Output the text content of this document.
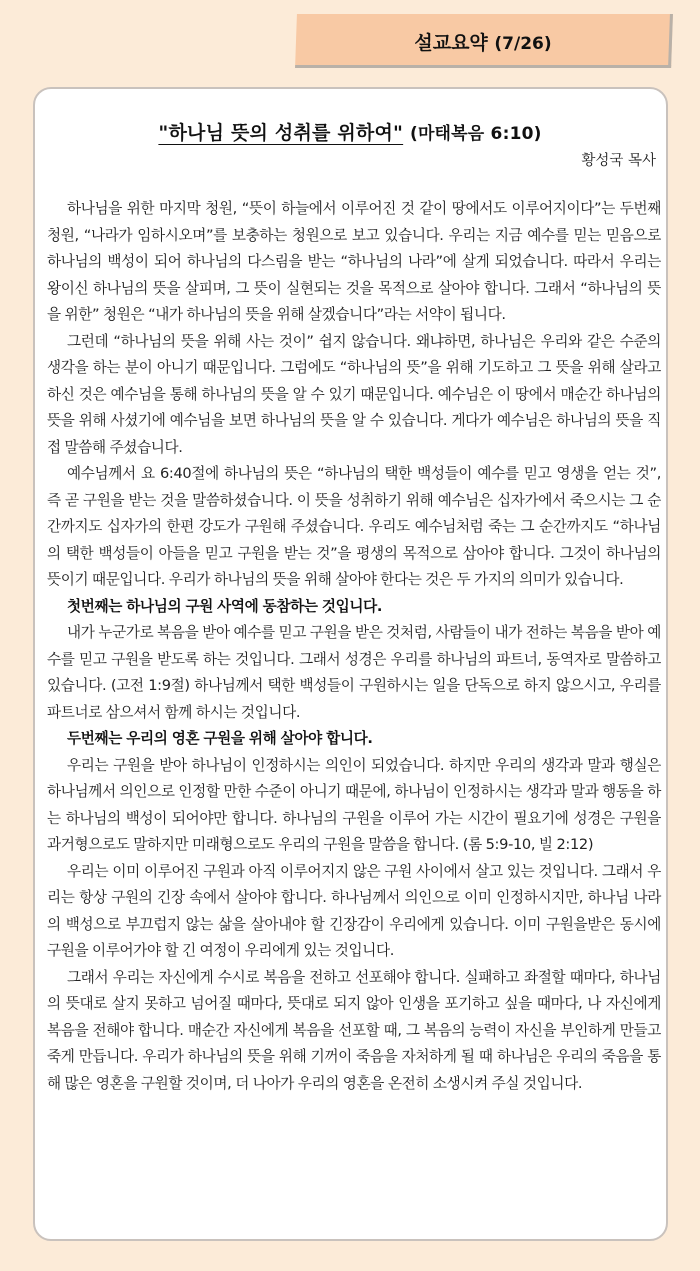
설교요약 (7/26)
"하나님 뜻의 성취를 위하여" (마태복음 6:10)
황성국 목사

하나님을 위한 마지막 청원, “뜻이 하늘에서 이루어진 것 같이 땅에서도 이루어지이다”는 두번째 청원, “나라가 임하시오며”를 보충하는 청원으로 보고 있습니다. 우리는 지금 예수를 믿는 믿음으로 하나님의 백성이 되어 하나님의 다스림을 받는 “하나님의 나라”에 살게 되었습니다. 따라서 우리는 왕이신 하나님의 뜻을 살피며, 그 뜻이 실현되는 것을 목적으로 살아야 합니다. 그래서 “하나님의 뜻을 위한” 청원은 “내가 하나님의 뜻을 위해 살겠습니다”라는 서약이 됩니다.

그런데 “하나님의 뜻을 위해 사는 것이” 쉽지 않습니다. 왜냐하면, 하나님은 우리와 같은 수준의 생각을 하는 분이 아니기 때문입니다. 그럼에도 “하나님의 뜻”을 위해 기도하고 그 뜻을 위해 살라고 하신 것은 예수님을 통해 하나님의 뜻을 알 수 있기 때문입니다. 예수님은 이 땅에서 매순간 하나님의 뜻을 위해 사셨기에 예수님을 보면 하나님의 뜻을 알 수 있습니다. 게다가 예수님은 하나님의 뜻을 직접 말씀해 주셨습니다.

예수님께서 요 6:40절에 하나님의 뜻은 “하나님의 택한 백성들이 예수를 믿고 영생을 얻는 것”, 즉 곧 구원을 받는 것을 말씀하셨습니다. 이 뜻을 성취하기 위해 예수님은 십자가에서 죽으시는 그 순간까지도 십자가의 한편 강도가 구원해 주셨습니다. 우리도 예수님처럼 죽는 그 순간까지도 “하나님의 택한 백성들이 아들을 믿고 구원을 받는 것”을 평생의 목적으로 삼아야 합니다. 그것이 하나님의 뜻이기 때문입니다. 우리가 하나님의 뜻을 위해 살아야 한다는 것은 두 가지의 의미가 있습니다.

첫번째는 하나님의 구원 사역에 동참하는 것입니다.

내가 누군가로 복음을 받아 예수를 믿고 구원을 받은 것처럼, 사람들이 내가 전하는 복음을 받아 예수를 믿고 구원을 받도록 하는 것입니다. 그래서 성경은 우리를 하나님의 파트너, 동역자로 말씀하고 있습니다. (고전 1:9절) 하나님께서 택한 백성들이 구원하시는 일을 단독으로 하지 않으시고, 우리를 파트너로 삼으셔서 함께 하시는 것입니다.

두번째는 우리의 영혼 구원을 위해 살아야 합니다.

우리는 구원을 받아 하나님이 인정하시는 의인이 되었습니다. 하지만 우리의 생각과 말과 행실은 하나님께서 의인으로 인정할 만한 수준이 아니기 때문에, 하나님이 인정하시는 생각과 말과 행동을 하는 하나님의 백성이 되어야만 합니다. 하나님의 구원을 이루어 가는 시간이 필요기에 성경은 구원을 과거형으로도 말하지만 미래형으로도 우리의 구원을 말씀을 합니다. (롬 5:9-10, 빌 2:12)

우리는 이미 이루어진 구원과 아직 이루어지지 않은 구원 사이에서 살고 있는 것입니다. 그래서 우리는 항상 구원의 긴장 속에서 살아야 합니다. 하나님께서 의인으로 이미 인정하시지만, 하나님 나라의 백성으로 부끄럽지 않는 삶을 살아내야 할 긴장감이 우리에게 있습니다. 이미 구원을받은 동시에 구원을 이루어가야 할 긴 여정이 우리에게 있는 것입니다.

그래서 우리는 자신에게 수시로 복음을 전하고 선포해야 합니다. 실패하고 좌절할 때마다, 하나님의 뜻대로 살지 못하고 넘어질 때마다, 뜻대로 되지 않아 인생을 포기하고 싶을 때마다, 나 자신에게 복음을 전해야 합니다. 매순간 자신에게 복음을 선포할 때, 그 복음의 능력이 자신을 부인하게 만들고 죽게 만듭니다. 우리가 하나님의 뜻을 위해 기꺼이 죽음을 자처하게 될 때 하나님은 우리의 죽음을 통해 많은 영혼을 구원할 것이며, 더 나아가 우리의 영혼을 온전히 소생시켜 주실 것입니다.
